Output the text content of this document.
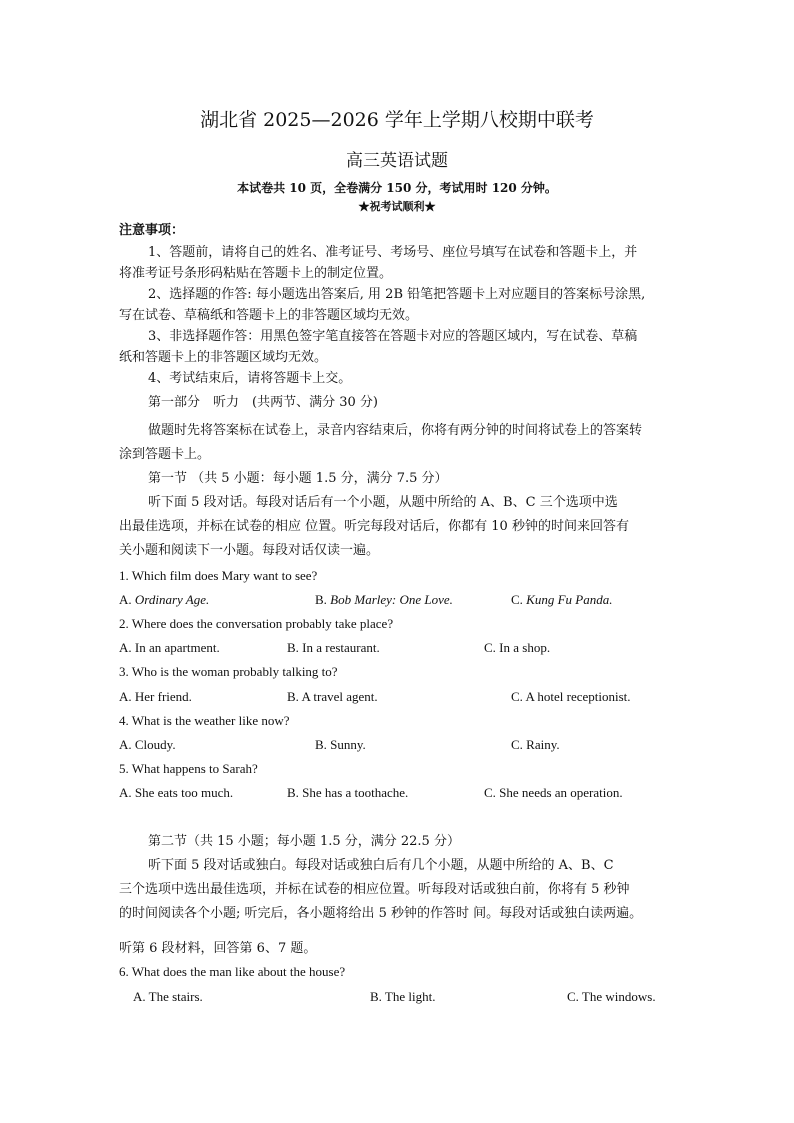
湖北省 2025—2026 学年上学期八校期中联考
高三英语试题
本试卷共 10 页，全卷满分 150 分，考试用时 120 分钟。
★祝考试顺利★
注意事项：
1、答题前，请将自己的姓名、准考证号、考场号、座位号填写在试卷和答题卡上，并
将准考证号条形码粘贴在答题卡上的制定位置。
2、选择题的作答: 每小题选出答案后, 用 2B 铅笔把答题卡上对应题目的答案标号涂黑,
写在试卷、草稿纸和答题卡上的非答题区域均无效。
3、非选择题作答：用黑色签字笔直接答在答题卡对应的答题区域内，写在试卷、草稿
纸和答题卡上的非答题区域均无效。
4、考试结束后，请将答题卡上交。
第一部分　听力　(共两节、满分 30 分)
做题时先将答案标在试卷上，录音内容结束后，你将有两分钟的时间将试卷上的答案转
涂到答题卡上。
第一节 （共 5 小题：每小题 1.5 分，满分 7.5 分）
听下面 5 段对话。每段对话后有一个小题，从题中所给的 A、B、C 三个选项中选
出最佳选项，并标在试卷的相应 位置。听完每段对话后，你都有 10 秒钟的时间来回答有
关小题和阅读下一小题。每段对话仅读一遍。
1. Which film does Mary want to see?
A. Ordinary Age.	B. Bob Marley: One Love.	C. Kung Fu Panda.
2. Where does the conversation probably take place?
A. In an apartment.	B. In a restaurant.	C. In a shop.
3. Who is the woman probably talking to?
A. Her friend.	B. A travel agent.	C. A hotel receptionist.
4. What is the weather like now?
A. Cloudy.	B. Sunny.	C. Rainy.
5. What happens to Sarah?
A. She eats too much.	B. She has a toothache.	C. She needs an operation.
第二节（共 15 小题；每小题 1.5 分，满分 22.5 分）
听下面 5 段对话或独白。每段对话或独白后有几个小题，从题中所给的 A、B、C
三个选项中选出最佳选项，并标在试卷的相应位置。听每段对话或独白前，你将有 5 秒钟
的时间阅读各个小题; 听完后，各小题将给出 5 秒钟的作答时 间。每段对话或独白读两遍。
听第 6 段材料，回答第 6、7 题。
6. What does the man like about the house?
A. The stairs.	B. The light.	C. The windows.
